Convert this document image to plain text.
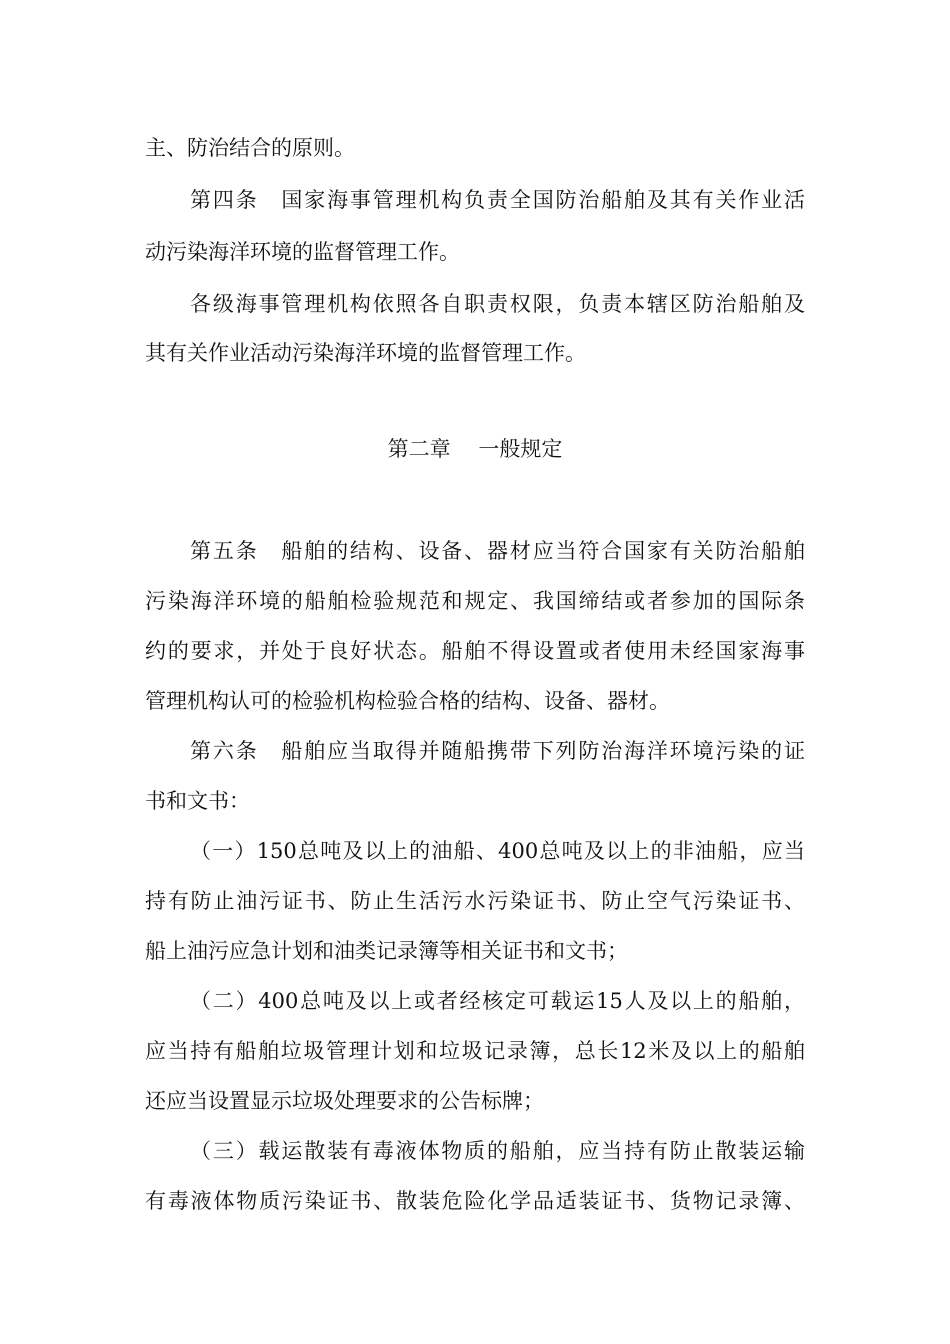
主、防治结合的原则。

第四条　国家海事管理机构负责全国防治船舶及其有关作业活

动污染海洋环境的监督管理工作。

各级海事管理机构依照各自职责权限，负责本辖区防治船舶及

其有关作业活动污染海洋环境的监督管理工作。

第二章　 一般规定

第五条　船舶的结构、设备、器材应当符合国家有关防治船舶

污染海洋环境的船舶检验规范和规定、我国缔结或者参加的国际条

约的要求，并处于良好状态。船舶不得设置或者使用未经国家海事

管理机构认可的检验机构检验合格的结构、设备、器材。

第六条　船舶应当取得并随船携带下列防治海洋环境污染的证

书和文书：

（一）150总吨及以上的油船、400总吨及以上的非油船，应当

持有防止油污证书、防止生活污水污染证书、防止空气污染证书、

船上油污应急计划和油类记录簿等相关证书和文书；

（二）400总吨及以上或者经核定可载运15人及以上的船舶，

应当持有船舶垃圾管理计划和垃圾记录簿，总长12米及以上的船舶

还应当设置显示垃圾处理要求的公告标牌；

（三）载运散装有毒液体物质的船舶，应当持有防止散装运输

有毒液体物质污染证书、散装危险化学品适装证书、货物记录簿、
